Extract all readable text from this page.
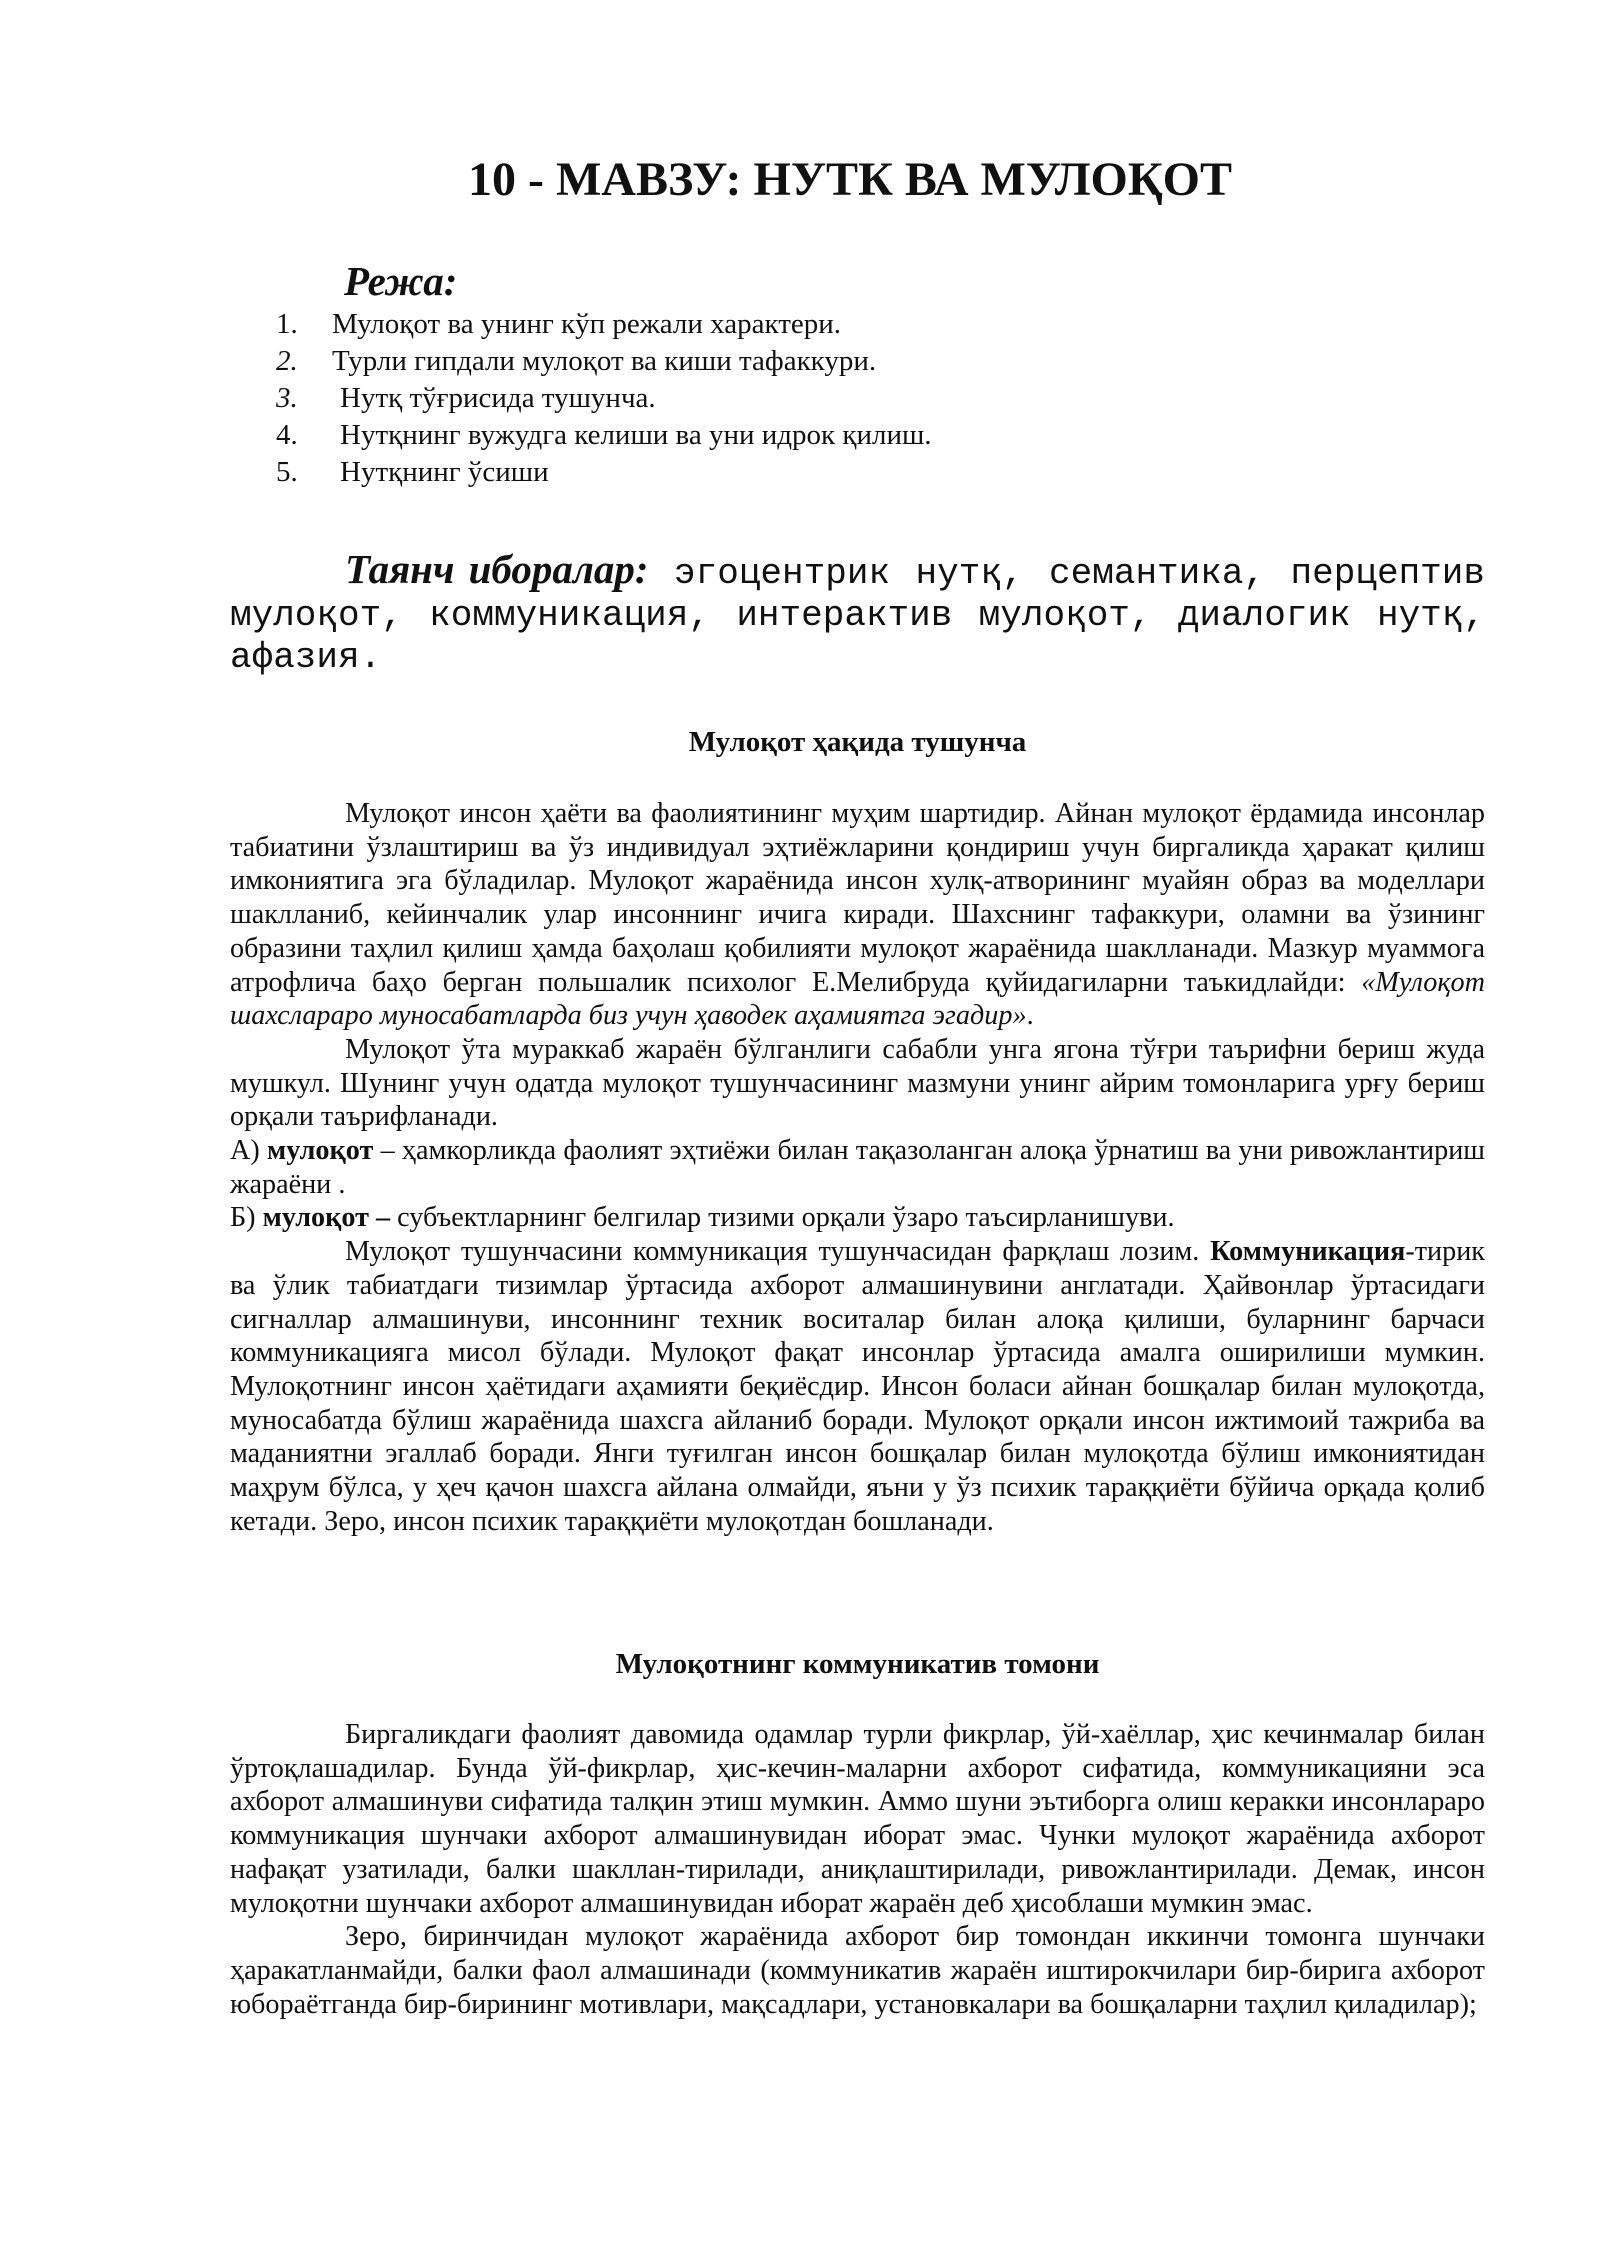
10 - МАВЗУ: НУТК ВА МУЛОҚОТ
Режа:
1.	Мулоқот ва унинг кўп режали характери.
2.	Турли гипдали мулоқот ва киши тафаккури.
3.	Нутқ тўғрисида тушунча.
4.	Нутқнинг вужудга келиши ва уни идрок қилиш.
5.	Нутқнинг ўсиши
Таянч иборалар: эгоцентрик нутқ, семантика, перцептив мулоқот, коммуникация, интерактив мулоқот, диалогик нутқ, афазия.
Мулоқот ҳақида тушунча

Мулоқот инсон ҳаёти ва фаолиятининг муҳим шартидир. Айнан мулоқот ёрдамида инсонлар табиатини ўзлаштириш ва ўз индивидуал эҳтиёжларини қондириш учун биргаликда ҳаракат қилиш имкониятига эга бўладилар. Мулоқот жараёнида инсон хулқ-атворининг муайян образ ва моделлари шаклланиб, кейинчалик улар инсоннинг ичига киради. Шахснинг тафаккури, оламни ва ўзининг образини таҳлил қилиш ҳамда баҳолаш қобилияти мулоқот жараёнида шаклланади. Мазкур муаммога атрофлича баҳо берган польшалик психолог Е.Мелибруда қуйидагиларни таъкидлайди: «Мулоқот шахслараро муносабатларда биз учун ҳаводек аҳамиятга эгадир».

Мулоқот ўта мураккаб жараён бўлганлиги сабабли унга ягона тўғри таърифни бериш жуда мушкул. Шунинг учун одатда мулоқот тушунчасининг мазмуни унинг айрим томонларига урғу бериш орқали таърифланади.

А) мулоқот – ҳамкорликда фаолият эҳтиёжи билан тақазоланган алоқа ўрнатиш ва уни ривожлантириш жараёни .

Б) мулоқот – субъектларнинг белгилар тизими орқали ўзаро таъсирланишуви.

Мулоқот тушунчасини коммуникация тушунчасидан фарқлаш лозим. Коммуникация-тирик ва ўлик табиатдаги тизимлар ўртасида ахборот алмашинувини англатади. Ҳайвонлар ўртасидаги сигналлар алмашинуви, инсоннинг техник воситалар билан алоқа қилиши, буларнинг барчаси коммуникацияга мисол бўлади. Мулоқот фақат инсонлар ўртасида амалга оширилиши мумкин. Мулоқотнинг инсон ҳаётидаги аҳамияти беқиёсдир. Инсон боласи айнан бошқалар билан мулоқотда, муносабатда бўлиш жараёнида шахсга айланиб боради. Мулоқот орқали инсон ижтимоий тажриба ва маданиятни эгаллаб боради. Янги туғилган инсон бошқалар билан мулоқотда бўлиш имкониятидан маҳрум бўлса, у ҳеч қачон шахсга айлана олмайди, яъни у ўз психик тараққиёти бўйича орқада қолиб кетади. Зеро, инсон психик тараққиёти мулоқотдан бошланади.

Мулоқотнинг коммуникатив томони

Биргаликдаги фаолият давомида одамлар турли фикрлар, ўй-хаёллар, ҳис кечинмалар билан ўртоқлашадилар. Бунда ўй-фикрлар, ҳис-кечин-маларни ахборот сифатида, коммуникацияни эса ахборот алмашинуви сифатида талқин этиш мумкин. Аммо шуни эътиборга олиш керакки инсонлараро коммуникация шунчаки ахборот алмашинувидан иборат эмас. Чунки мулоқот жараёнида ахборот нафақат узатилади, балки шакллан-тирилади, аниқлаштирилади, ривожлантирилади. Демак, инсон мулоқотни шунчаки ахборот алмашинувидан иборат жараён деб ҳисоблаши мумкин эмас.

Зеро, биринчидан мулоқот жараёнида ахборот бир томондан иккинчи томонга шунчаки ҳаракатланмайди, балки фаол алмашинади (коммуникатив жараён иштирокчилари бир-бирига ахборот юбораётганда бир-бирининг мотивлари, мақсадлари, установкалари ва бошқаларни таҳлил қиладилар);
